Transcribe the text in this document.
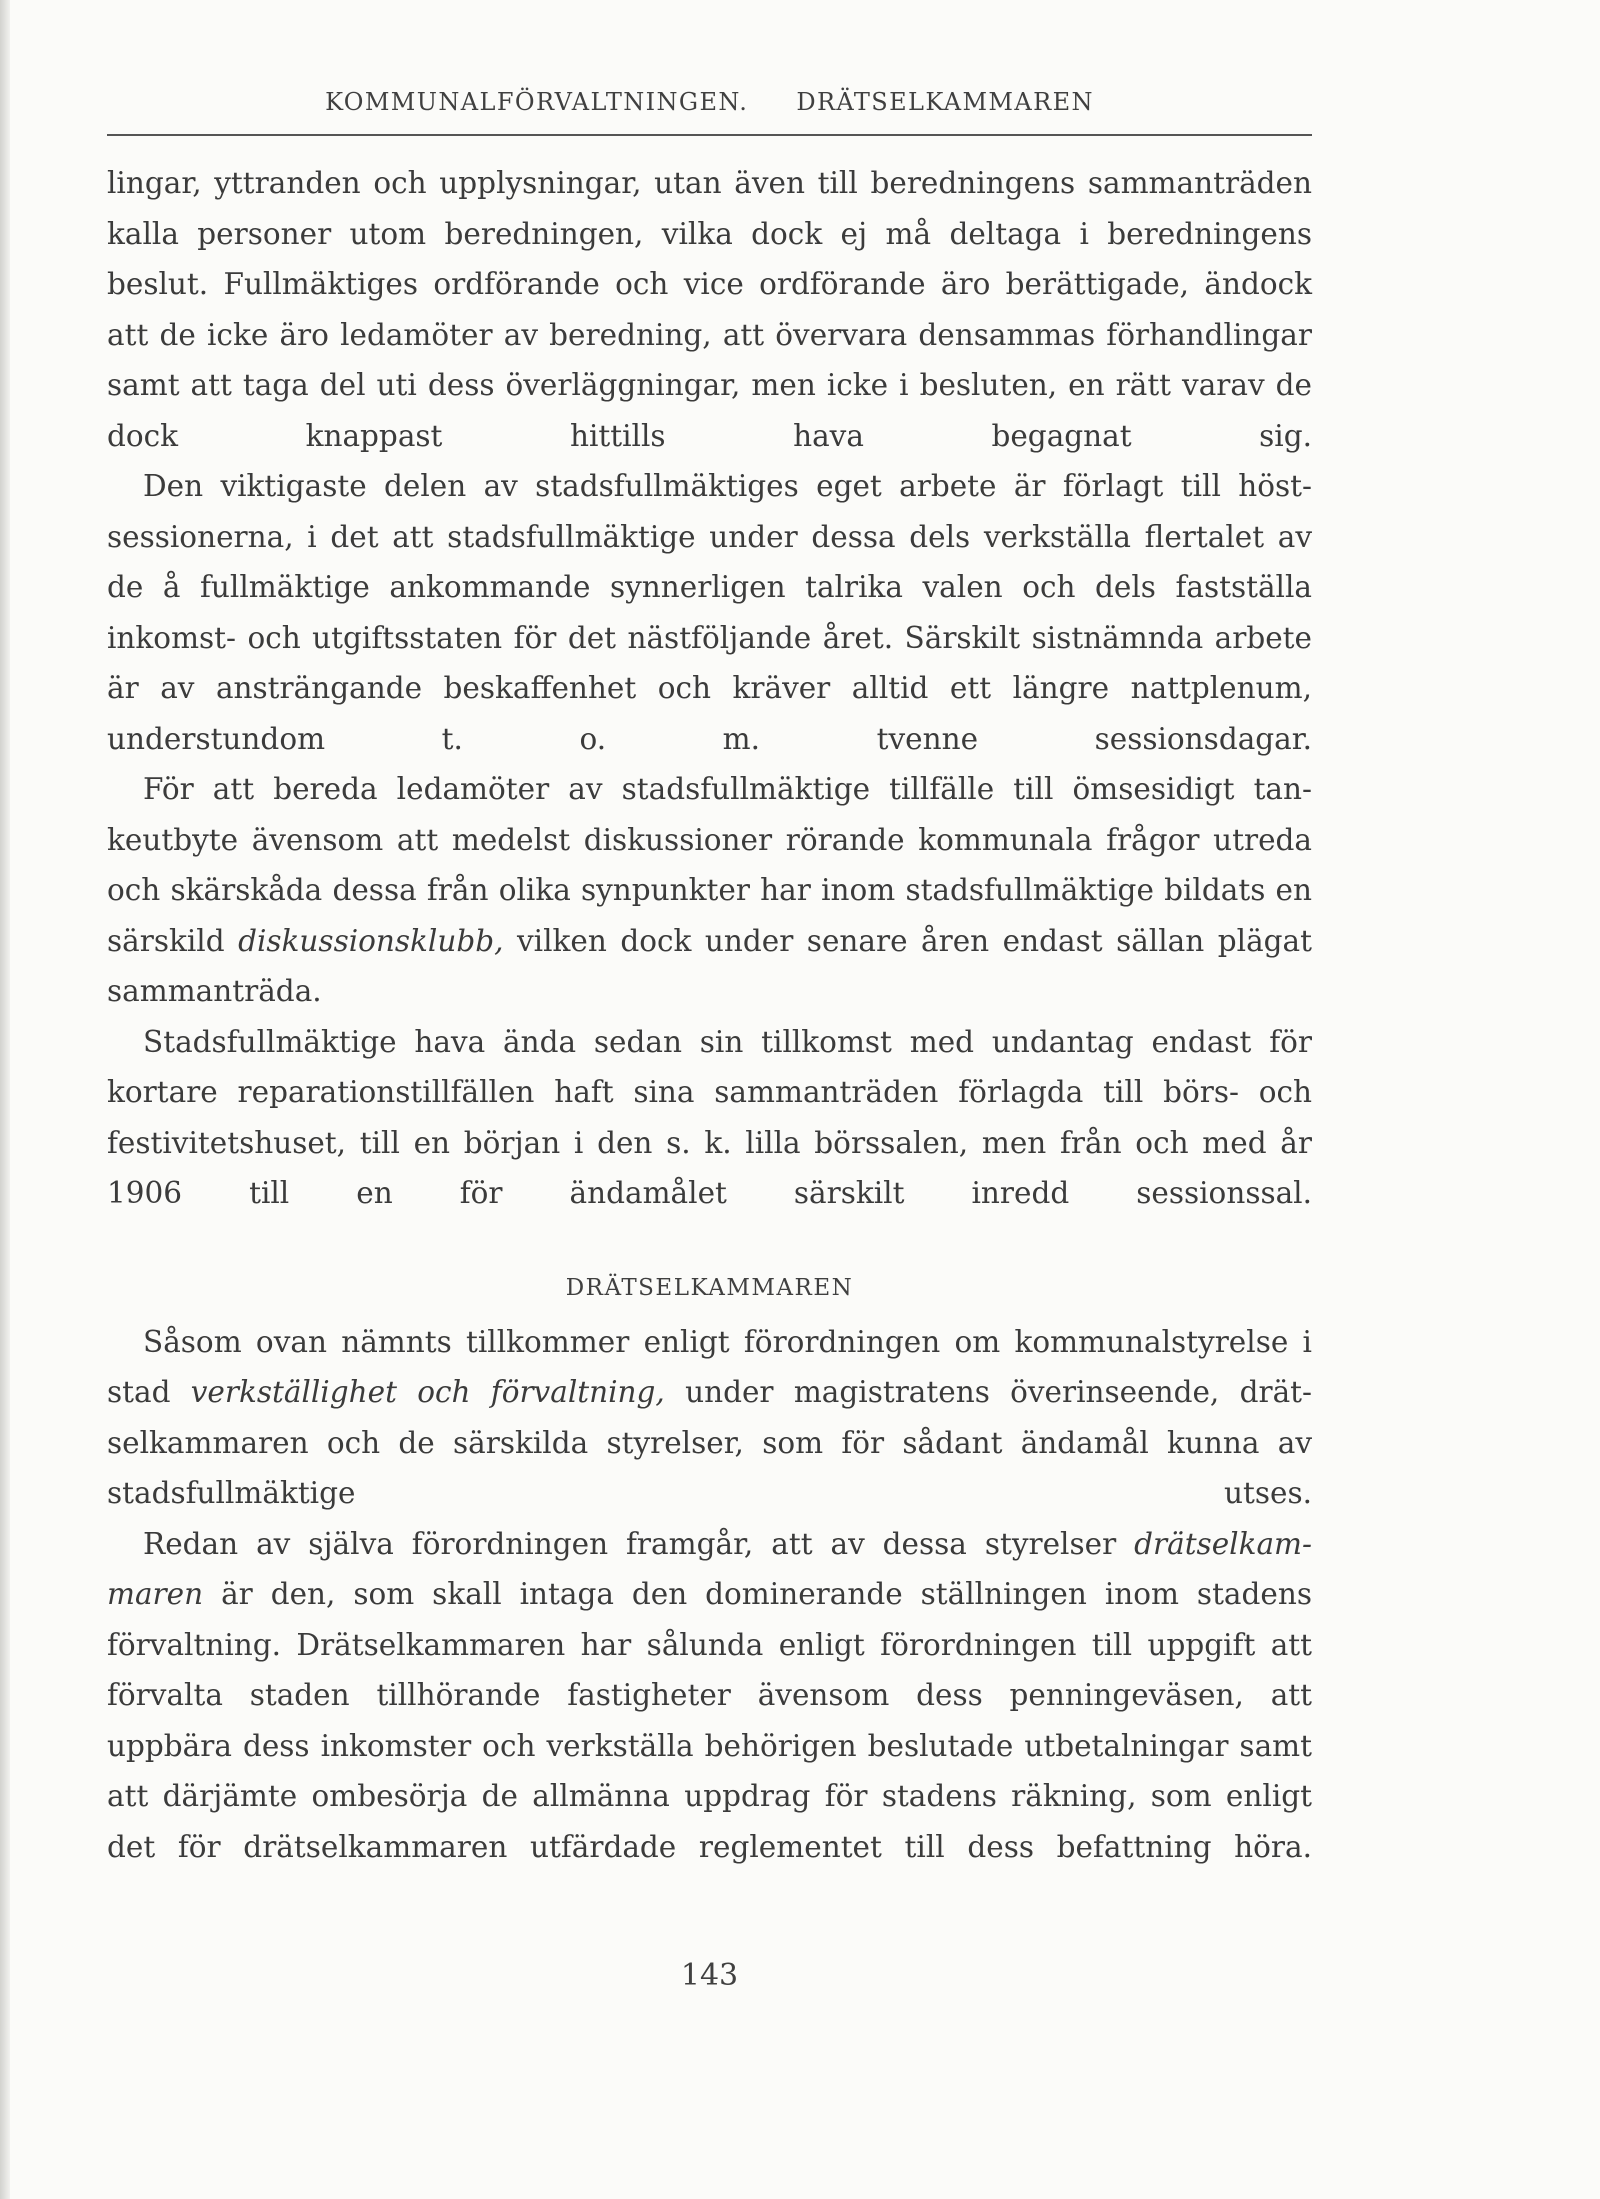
KOMMUNALFÖRVALTNINGEN. DRÄTSELKAMMAREN

lingar, yttranden och upplysningar, utan även till beredningens sammanträden kalla personer utom beredningen, vilka dock ej må deltaga i beredningens beslut. Fullmäktiges ordförande och vice ordförande äro berättigade, ändock att de icke äro ledamöter av beredning, att övervara densammas förhandlingar samt att taga del uti dess överläggningar, men icke i besluten, en rätt varav de dock knappast hittills hava begagnat sig.

Den viktigaste delen av stadsfullmäktiges eget arbete är förlagt till höstsessionerna, i det att stadsfullmäktige under dessa dels verkställa flertalet av de å fullmäktige ankommande synnerligen talrika valen och dels fastställa inkomst- och utgiftsstaten för det nästföljande året. Särskilt sistnämnda arbete är av ansträngande beskaffenhet och kräver alltid ett längre nattplenum, understundom t. o. m. tvenne sessionsdagar.

För att bereda ledamöter av stadsfullmäktige tillfälle till ömsesidigt tankeutbyte ävensom att medelst diskussioner rörande kommunala frågor utreda och skärskåda dessa från olika synpunkter har inom stadsfullmäktige bildats en särskild diskussionsklubb, vilken dock under senare åren endast sällan plägat sammanträda.

Stadsfullmäktige hava ända sedan sin tillkomst med undantag endast för kortare reparationstillfällen haft sina sammanträden förlagda till börs- och festivitetshuset, till en början i den s. k. lilla börssalen, men från och med år 1906 till en för ändamålet särskilt inredd sessionssal.

DRÄTSELKAMMAREN

Såsom ovan nämnts tillkommer enligt förordningen om kommunalstyrelse i stad verkställighet och förvaltning, under magistratens överinseende, drätselkammaren och de särskilda styrelser, som för sådant ändamål kunna av stadsfullmäktige utses.

Redan av själva förordningen framgår, att av dessa styrelser drätselkammaren är den, som skall intaga den dominerande ställningen inom stadens förvaltning. Drätselkammaren har sålunda enligt förordningen till uppgift att förvalta staden tillhörande fastigheter ävensom dess penningeväsen, att uppbära dess inkomster och verkställa behörigen beslutade utbetalningar samt att därjämte ombesörja de allmänna uppdrag för stadens räkning, som enligt det för drätselkammaren utfärdade reglementet till dess befattning höra.

143
